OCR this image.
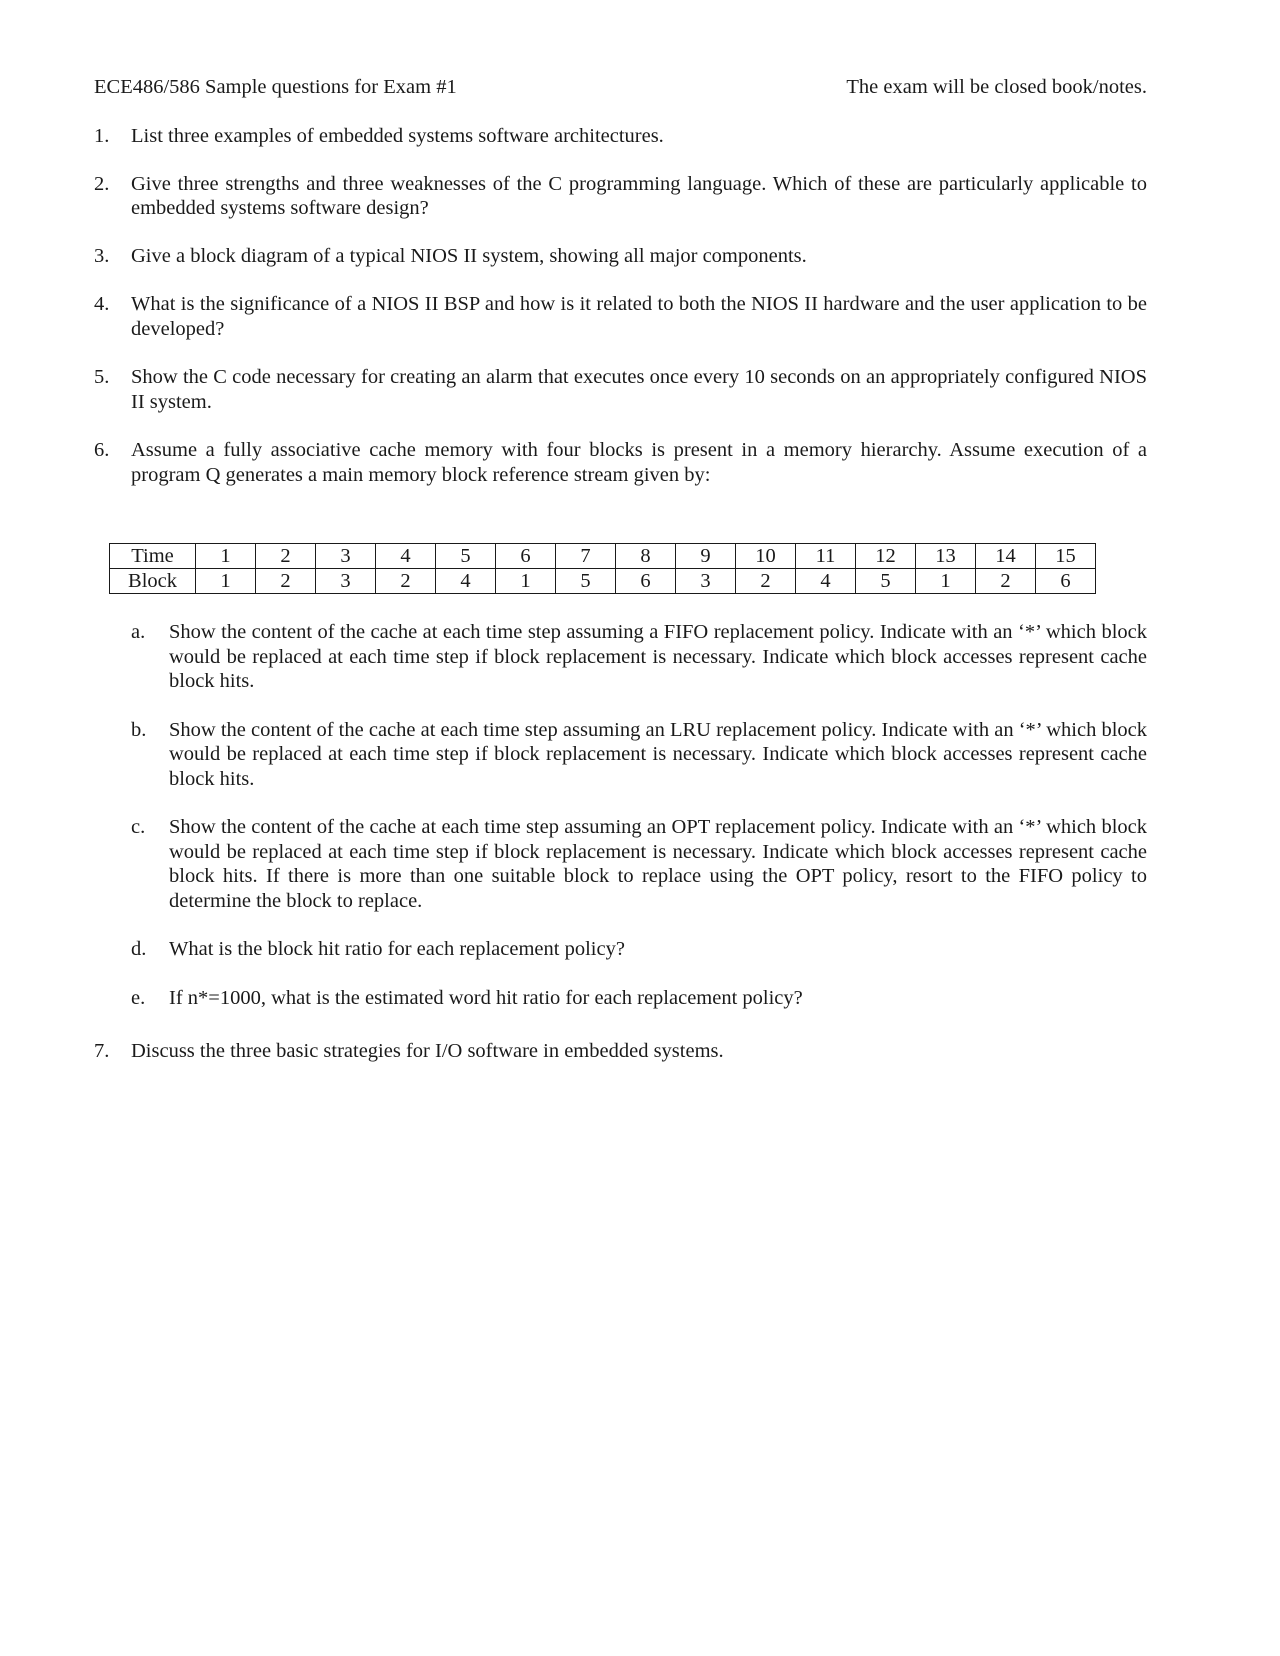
ECE486/586 Sample questions for Exam #1	The exam will be closed book/notes.
1.	List three examples of embedded systems software architectures.
2.	Give three strengths and three weaknesses of the C programming language. Which of these are particularly applicable to embedded systems software design?
3.	Give a block diagram of a typical NIOS II system, showing all major components.
4.	What is the significance of a NIOS II BSP and how is it related to both the NIOS II hardware and the user application to be developed?
5.	Show the C code necessary for creating an alarm that executes once every 10 seconds on an appropriately configured NIOS II system.
6.	Assume a fully associative cache memory with four blocks is present in a memory hierarchy. Assume execution of a program Q generates a main memory block reference stream given by:
Time	1	2	3	4	5	6	7	8	9	10	11	12	13	14	15
Block	1	2	3	2	4	1	5	6	3	2	4	5	1	2	6
a.	Show the content of the cache at each time step assuming a FIFO replacement policy. Indicate with an ‘*’ which block would be replaced at each time step if block replacement is necessary. Indicate which block accesses represent cache block hits.
b.	Show the content of the cache at each time step assuming an LRU replacement policy. Indicate with an ‘*’ which block would be replaced at each time step if block replacement is necessary. Indicate which block accesses represent cache block hits.
c.	Show the content of the cache at each time step assuming an OPT replacement policy. Indicate with an ‘*’ which block would be replaced at each time step if block replacement is necessary. Indicate which block accesses represent cache block hits. If there is more than one suitable block to replace using the OPT policy, resort to the FIFO policy to determine the block to replace.
d.	What is the block hit ratio for each replacement policy?
e.	If n*=1000, what is the estimated word hit ratio for each replacement policy?
7.	Discuss the three basic strategies for I/O software in embedded systems.
